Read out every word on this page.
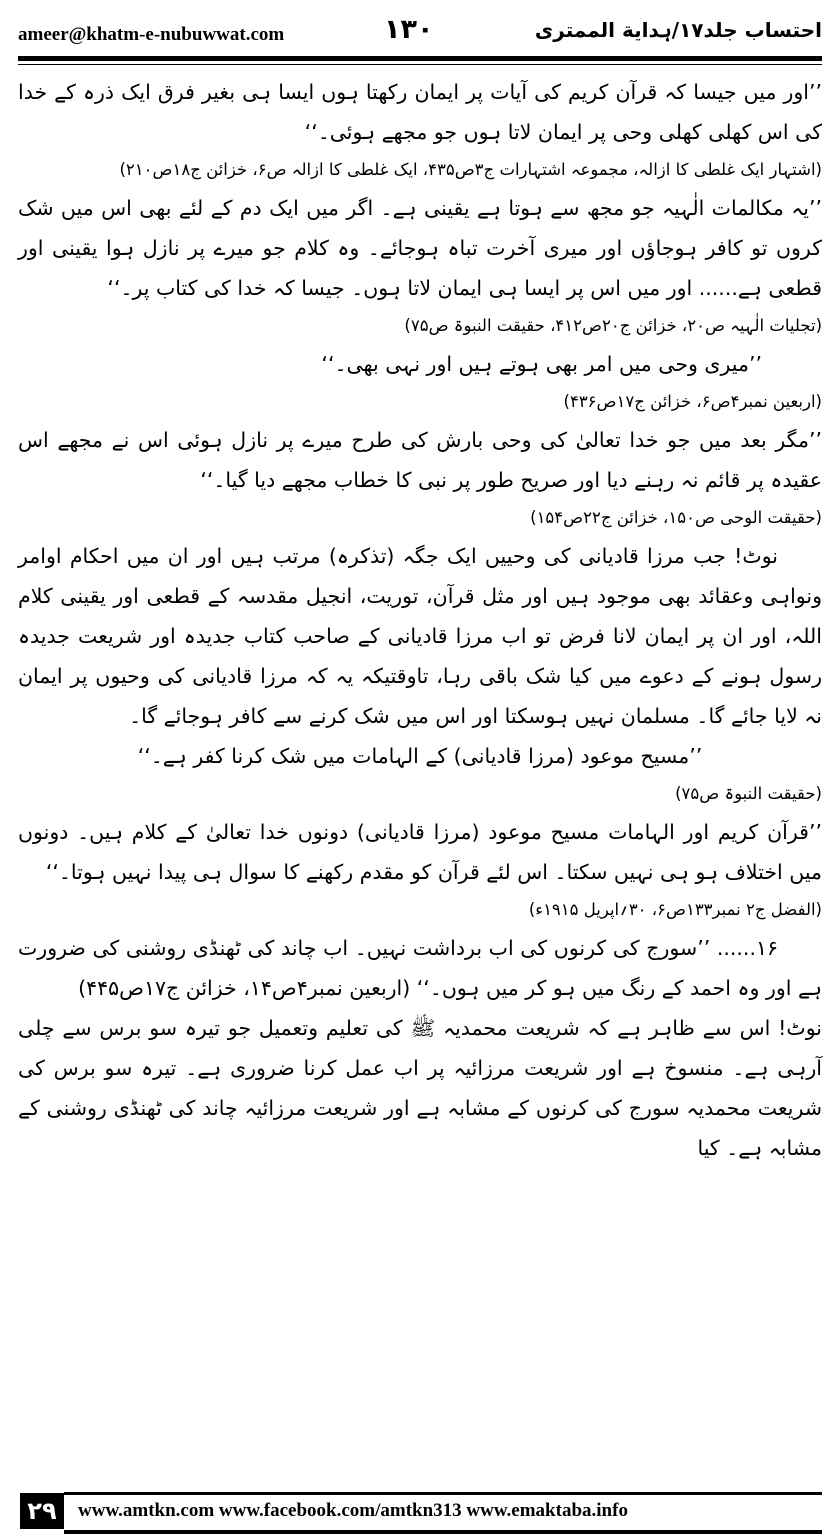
ameer@khatm-e-nubuwwat.com	۱۳۰	احتساب جلد۱۷/ہدایة الممتری

’’اور میں جیسا کہ قرآن کریم کی آیات پر ایمان رکھتا ہوں ایسا ہی بغیر فرق ایک ذرہ کے خدا کی اس کھلی کھلی وحی پر ایمان لاتا ہوں جو مجھے ہوئی۔‘‘

(اشتہار ایک غلطی کا ازالہ، مجموعہ اشتہارات ج۳ص۴۳۵، ایک غلطی کا ازالہ ص۶، خزائن ج۱۸ص۲۱۰)

’’یہ مکالمات الٰہیہ جو مجھ سے ہوتا ہے یقینی ہے۔ اگر میں ایک دم کے لئے بھی اس میں شک کروں تو کافر ہوجاؤں اور میری آخرت تباہ ہوجائے۔ وہ کلام جو میرے پر نازل ہوا یقینی اور قطعی ہے...... اور میں اس پر ایسا ہی ایمان لاتا ہوں۔ جیسا کہ خدا کی کتاب پر۔‘‘

(تجلیات الٰہیہ ص۲۰، خزائن ج۲۰ص۴۱۲، حقیقت النبوۃ ص۷۵)

’’میری وحی میں امر بھی ہوتے ہیں اور نہی بھی۔‘‘

(اربعین نمبر۴ص۶، خزائن ج۱۷ص۴۳۶)

’’مگر بعد میں جو خدا تعالیٰ کی وحی بارش کی طرح میرے پر نازل ہوئی اس نے مجھے اس عقیدہ پر قائم نہ رہنے دیا اور صریح طور پر نبی کا خطاب مجھے دیا گیا۔‘‘

(حقیقت الوحی ص۱۵۰، خزائن ج۲۲ص۱۵۴)

نوٹ! جب مرزا قادیانی کی وحییں ایک جگہ (تذکرہ) مرتب ہیں اور ان میں احکام اوامر ونواہی وعقائد بھی موجود ہیں اور مثل قرآن، توریت، انجیل مقدسہ کے قطعی اور یقینی کلام اللہ، اور ان پر ایمان لانا فرض تو اب مرزا قادیانی کے صاحب کتاب جدیدہ اور شریعت جدیدہ رسول ہونے کے دعوے میں کیا شک باقی رہا، تاوقتیکہ یہ کہ مرزا قادیانی کی وحیوں پر ایمان نہ لایا جائے گا۔ مسلمان نہیں ہوسکتا اور اس میں شک کرنے سے کافر ہوجائے گا۔

’’مسیح موعود (مرزا قادیانی) کے الہامات میں شک کرنا کفر ہے۔‘‘

(حقیقت النبوۃ ص۷۵)

’’قرآن کریم اور الہامات مسیح موعود (مرزا قادیانی) دونوں خدا تعالیٰ کے کلام ہیں۔ دونوں میں اختلاف ہو ہی نہیں سکتا۔ اس لئے قرآن کو مقدم رکھنے کا سوال ہی پیدا نہیں ہوتا۔‘‘

(الفضل ج۲ نمبر۱۳۳ص۶، ۳۰؍اپریل ۱۹۱۵ء)

۱۶...... ’’سورج کی کرنوں کی اب برداشت نہیں۔ اب چاند کی ٹھنڈی روشنی کی ضرورت ہے اور وہ احمد کے رنگ میں ہو کر میں ہوں۔‘‘ (اربعین نمبر۴ص۱۴، خزائن ج۱۷ص۴۴۵)

نوٹ! اس سے ظاہر ہے کہ شریعت محمدیہ ﷺ کی تعلیم وتعمیل جو تیرہ سو برس سے چلی آرہی ہے۔ منسوخ ہے اور شریعت مرزائیہ پر اب عمل کرنا ضروری ہے۔ تیرہ سو برس کی شریعت محمدیہ سورج کی کرنوں کے مشابہ ہے اور شریعت مرزائیہ چاند کی ٹھنڈی روشنی کے مشابہ ہے۔ کیا

۲۹	www.amtkn.com www.facebook.com/amtkn313 www.emaktaba.info
